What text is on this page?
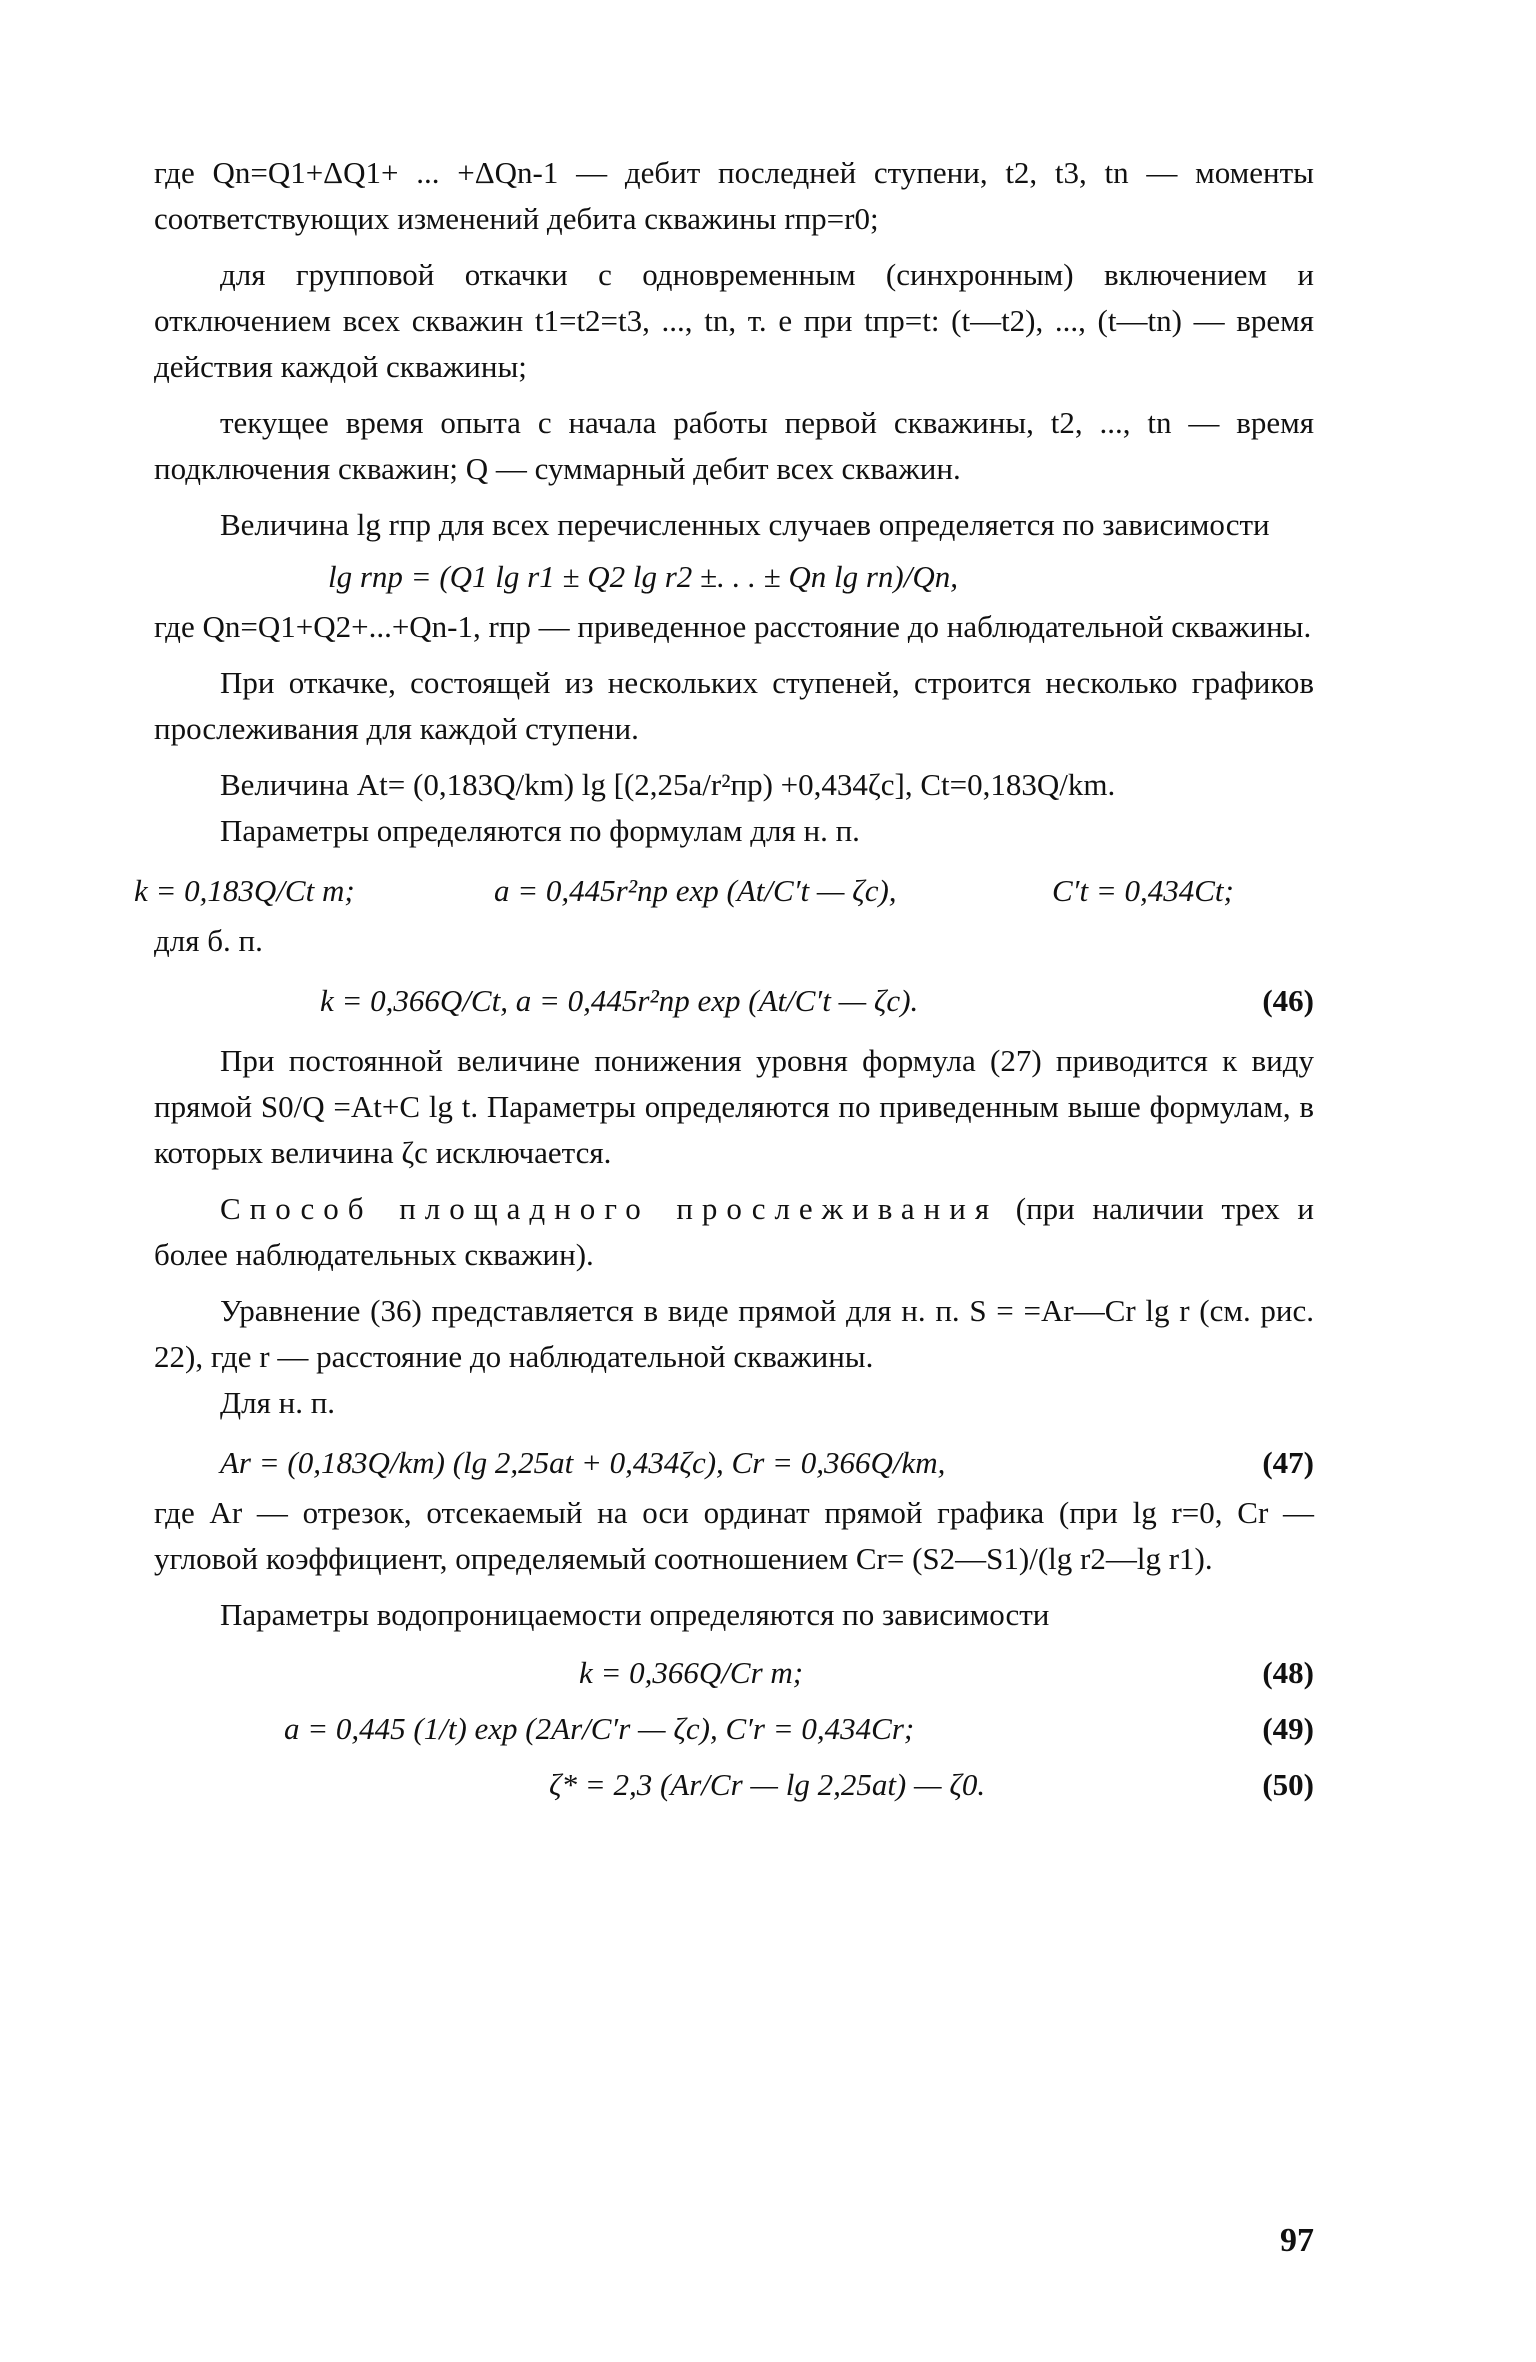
где Qn=Q1+ΔQ1+ ... +ΔQn-1 — дебит последней ступени, t2, t3, tn — моменты соответствующих изменений дебита скважины rпр=r0;

для групповой откачки с одновременным (синхронным) включением и отключением всех скважин t1=t2=t3, ..., tn, т. е при tпр=t: (t—t2), ..., (t—tn) — время действия каждой скважины;

текущее время опыта с начала работы первой скважины, t2, ..., tn — время подключения скважин; Q — суммарный дебит всех скважин.

Величина lg rпр для всех перечисленных случаев определяется по зависимости

lg rnp = (Q1 lg r1 ± Q2 lg r2 ±. . . ± Qn lg rn)/Qn,

где Qn=Q1+Q2+...+Qn-1, rпр — приведенное расстояние до наблюдательной скважины.

При откачке, состоящей из нескольких ступеней, строится несколько графиков прослеживания для каждой ступени.

Величина At= (0,183Q/km) lg [(2,25a/r²пр) +0,434ζc], Ct=0,183Q/km.

Параметры определяются по формулам для н. п.

k = 0,183Q/Ct m;	a = 0,445r²np exp (At/C′t — ζc),	C′t = 0,434Ct;

для б. п.

k = 0,366Q/Ct, a = 0,445r²np exp (At/C′t — ζc).	(46)

При постоянной величине понижения уровня формула (27) приводится к виду прямой S0/Q =At+C lg t. Параметры определяются по приведенным выше формулам, в которых величина ζc исключается.

Способ площадного прослеживания (при наличии трех и более наблюдательных скважин).

Уравнение (36) представляется в виде прямой для н. п. S = =Ar—Cr lg r (см. рис. 22), где r — расстояние до наблюдательной скважины.

Для н. п.

Ar = (0,183Q/km) (lg 2,25at + 0,434ζc), Cr = 0,366Q/km,	(47)

где Ar — отрезок, отсекаемый на оси ординат прямой графика (при lg r=0, Cr — угловой коэффициент, определяемый соотношением Cr= (S2—S1)/(lg r2—lg r1).

Параметры водопроницаемости определяются по зависимости

k = 0,366Q/Cr m;	(48)
a = 0,445 (1/t) exp (2Ar/C′r — ζc), C′r = 0,434Cr;	(49)
ζ* = 2,3 (Ar/Cr — lg 2,25at) — ζ0.	(50)
97
